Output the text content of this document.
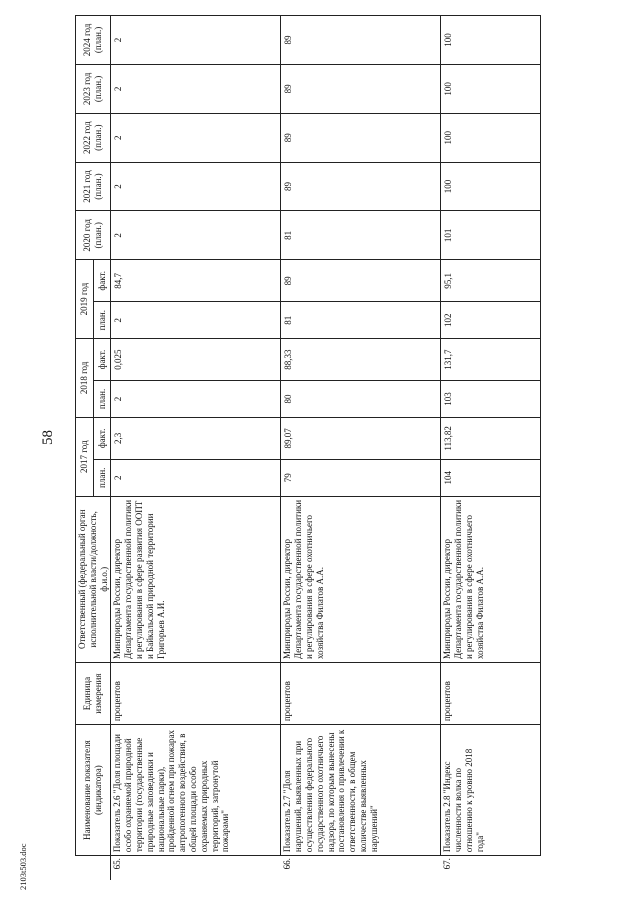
58
2103t503.doc
	Наименование показателя (индикатора)	Единица измерения	Ответственный (федеральный орган исполнительной власти/должность, ф.и.о.)	2017 год		2018 год		2019 год		2020 год (план.)	2021 год (план.)	2022 год (план.)	2023 год (план.)	2024 год (план.)
				план.	факт.	план.	факт.	план.	факт.					
65.	Показатель 2.6 "Доля площади особо охраняемой природной территории (государственные природные заповедники и национальные парки), пройденной огнем при пожарах антропогенного воздействия, в общей площади особо охраняемых природных территорий, затронутой пожарами"	процентов	Минприроды России, директор Департамента государственной политики и регулирования в сфере развития ООПТ и Байкальской природной территории Григорьев А.И.	2	2,3	2	0,025	2	84,7	2	2	2	2	2
66.	Показатель 2.7 "Доля нарушений, выявленных при осуществлении федерального государственного охотничьего надзора, по которым вынесены постановления о привлечении к ответственности, в общем количестве выявленных нарушений"	процентов	Минприроды России, директор Департамента государственной политики и регулирования в сфере охотничьего хозяйства Филатов А.А.	79	89,07	80	88,33	81	89	81	89	89	89	89
67.	Показатель 2.8 "Индекс численности волка по отношению к уровню 2018 года"	процентов	Минприроды России, директор Департамента государственной политики и регулирования в сфере охотничьего хозяйства Филатов А.А.	104	113,82	103	131,7	102	95,1	101	100	100	100	100
